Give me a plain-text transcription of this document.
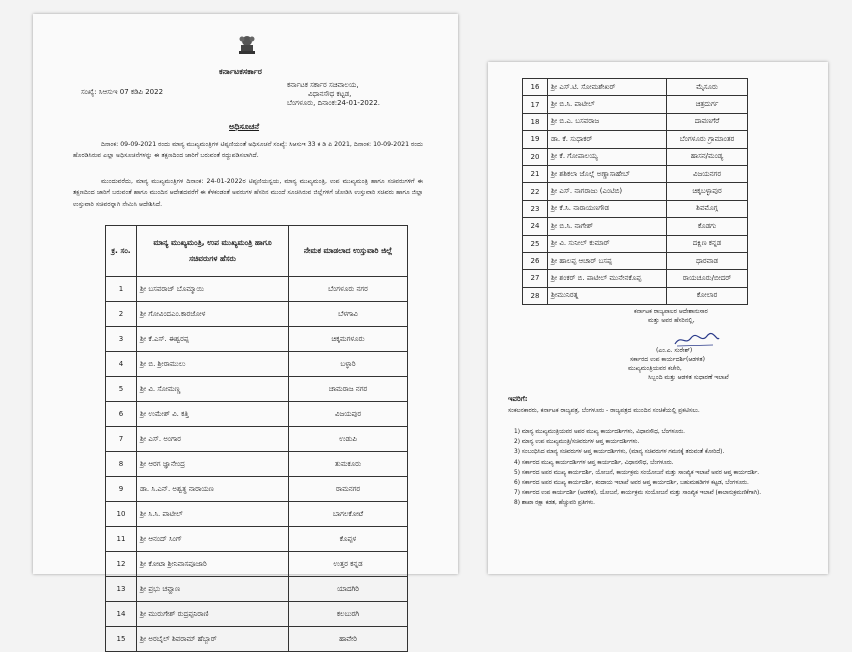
ಕರ್ನಾಟಕಸರ್ಕಾರ
ಸಂಖ್ಯೆ: ಸಿಆಸುಇ 07 ಕಡಿಪಿ 2022
ಕರ್ನಾಟಕ ಸರ್ಕಾರ ಸಚಿವಾಲಯ,
ವಿಧಾನಸೌಧ ಕಟ್ಟಡ,
ಬೆಂಗಳೂರು, ದಿನಾಂಕ:24-01-2022.
ಅಧಿಸೂಚನೆ
ದಿನಾಂಕ: 09-09-2021 ರಂದು ಮಾನ್ಯ ಮುಖ್ಯಮಂತ್ರಿಗಳ ಟಿಪ್ಪಣಿಯಂತೆ ಅಧಿಸೂಚನೆ ಸಂಖ್ಯೆ: ಸಿಆಸುಇ 33 ಕ ಡಿ ಪಿ 2021, ದಿನಾಂಕ: 10-09-2021 ರಂದು ಹೊರಡಿಸಿರುವ ಎಲ್ಲಾ ಅಧಿಸೂಚನೆಗಳನ್ನು ಈ ತಕ್ಷಣದಿಂದ ಜಾರಿಗೆ ಬರುವಂತೆ ರದ್ದುಪಡಿಸಲಾಗಿದೆ.
ಮುಂದುವರೆದು, ಮಾನ್ಯ ಮುಖ್ಯಮಂತ್ರಿಗಳ ದಿನಾಂಕ: 24-01-2022ರ ಟಿಪ್ಪಣಿಯನ್ವಯ, ಮಾನ್ಯ ಮುಖ್ಯಮಂತ್ರಿ, ಉಪ ಮುಖ್ಯಮಂತ್ರಿ ಹಾಗೂ ಸಚಿವರುಗಳಿಗೆ ಈ ತಕ್ಷಣದಿಂದ ಜಾರಿಗೆ ಬರುವಂತೆ ಹಾಗೂ ಮುಂದಿನ ಆದೇಶದವರೆಗೆ ಈ ಕೆಳಕಂಡಂತೆ ಅವರುಗಳ ಹೆಸರಿನ ಮುಂದೆ ಸೂಚಿಸಿರುವ ಜಿಲ್ಲೆಗಳಿಗೆ ಜೋಡಿಸಿ ಉಸ್ತುವಾರಿ ಸಚಿವರು ಹಾಗೂ ಜಿಲ್ಲಾ ಉಸ್ತುವಾರಿ ಸಚಿವರನ್ನಾಗಿ ನೇಮಿಸಿ ಆದೇಶಿಸಿದೆ.
ಕ್ರ. ಸಂ.	ಮಾನ್ಯ ಮುಖ್ಯಮಂತ್ರಿ, ಉಪ ಮುಖ್ಯಮಂತ್ರಿ ಹಾಗೂ ಸಚಿವರುಗಳ ಹೆಸರು	ನೇಮಕ ಮಾಡಲಾದ ಉಸ್ತುವಾರಿ ಜಿಲ್ಲೆ
1	ಶ್ರೀ ಬಸವರಾಜ್ ಬೊಮ್ಮಾಯಿ	ಬೆಂಗಳೂರು ನಗರ
2	ಶ್ರೀ ಗೋವಿಂದಎಂ.ಕಾರಜೋಳ	ಬೆಳಗಾವಿ
3	ಶ್ರೀ ಕೆ.ಎಸ್. ಈಶ್ವರಪ್ಪ	ಚಿಕ್ಕಮಗಳೂರು
4	ಶ್ರೀ ಬಿ. ಶ್ರೀರಾಮುಲು	ಬಳ್ಳಾರಿ
5	ಶ್ರೀ ವಿ. ಸೋಮಣ್ಣ	ಚಾಮರಾಜ ನಗರ
6	ಶ್ರೀ ಉಮೇಶ್ ವಿ. ಕತ್ತಿ	ವಿಜಯಪುರ
7	ಶ್ರೀ ಎಸ್. ಅಂಗಾರ	ಉಡುಪಿ
8	ಶ್ರೀ ಆರಗ ಜ್ಞಾನೇಂದ್ರ	ತುಮಕೂರು
9	ಡಾ. ಸಿ.ಎನ್. ಅಶ್ವತ್ಥ ನಾರಾಯಣ	ರಾಮನಗರ
10	ಶ್ರೀ ಸಿ.ಸಿ. ಪಾಟೀಲ್	ಬಾಗಲಕೋಟೆ
11	ಶ್ರೀ ಆನಂದ್ ಸಿಂಗ್	ಕೊಪ್ಪಳ
12	ಶ್ರೀ ಕೋಟಾ ಶ್ರೀನಿವಾಸಪೂಜಾರಿ	ಉತ್ತರ ಕನ್ನಡ
13	ಶ್ರೀ ಪ್ರಭು ಚವ್ಹಾಣ	ಯಾದಗಿರಿ
14	ಶ್ರೀ ಮುರುಗೇಶ್ ರುದ್ರಪ್ಪನಿರಾಣಿ	ಕಲಬುರಗಿ
15	ಶ್ರೀ ಅರಬೈಲ್ ಶಿವರಾಮ್ ಹೆಬ್ಬಾರ್	ಹಾವೇರಿ
16	ಶ್ರೀ ಎಸ್.ಟಿ. ಸೋಮಶೇಖರ್	ಮೈಸೂರು
17	ಶ್ರೀ ಬಿ.ಸಿ. ಪಾಟೀಲ್	ಚಿತ್ರದುರ್ಗ
18	ಶ್ರೀ ಬಿ.ಎ. ಬಸವರಾಜ	ದಾವಣಗೆರೆ
19	ಡಾ. ಕೆ. ಸುಧಾಕರ್	ಬೆಂಗಳೂರು ಗ್ರಾಮಾಂತರ
20	ಶ್ರೀ ಕೆ. ಗೋಪಾಲಯ್ಯ	ಹಾಸನ/ಮಂಡ್ಯ
21	ಶ್ರೀ ಶಶಿಕಲಾ ಜೊಲ್ಲೆ ಅಣ್ಣಾಸಾಹೇಬ್	ವಿಜಯನಗರ
22	ಶ್ರೀ ಎಸ್. ನಾಗರಾಜು (ಎಂಟಿಬಿ)	ಚಿಕ್ಕಬಳ್ಳಾಪುರ
23	ಶ್ರೀ ಕೆ.ಸಿ. ನಾರಾಯಣಗೌಡ	ಶಿವಮೊಗ್ಗ
24	ಶ್ರೀ ಬಿ.ಸಿ. ನಾಗೇಶ್	ಕೊಡಗು
25	ಶ್ರೀ ವಿ. ಸುನೀಲ್ ಕುಮಾರ್	ದಕ್ಷಿಣ ಕನ್ನಡ
26	ಶ್ರೀ ಹಾಲಪ್ಪ ಆಚಾರ್ ಬಸಪ್ಪ	ಧಾರವಾಡ
27	ಶ್ರೀ ಶಂಕರ್ ಬಿ. ಪಾಟೀಲ್ ಮುನೇನಕೊಪ್ಪ	ರಾಯಚೂರು/ಬೀದರ್
28	ಶ್ರೀಮುನಿರತ್ನ	ಕೋಲಾರ
ಕರ್ನಾಟಕ ರಾಜ್ಯಪಾಲರ ಆದೇಶಾನುಸಾರ
ಮತ್ತು ಅವರ ಹೆಸರಿನಲ್ಲಿ,
(ಎಂ.ಎ. ಸುರೇಶ್)
ಸರ್ಕಾರದ ಉಪ ಕಾರ್ಯದರ್ಶಿ(ಆಡಳಿತ)
ಮುಖ್ಯಮಂತ್ರಿಯವರ ಕಚೇರಿ,
ಸಿಬ್ಬಂದಿ ಮತ್ತು ಆಡಳಿತ ಸುಧಾರಣೆ ಇಲಾಖೆ
ಇವರಿಗೆ:
ಸಂಕಲನಕಾರರು, ಕರ್ನಾಟಕ ರಾಜ್ಯಪತ್ರ, ಬೆಂಗಳೂರು - ರಾಜ್ಯಪತ್ರದ ಮುಂದಿನ ಸಂಚಿಕೆಯಲ್ಲಿ ಪ್ರಕಟಿಸಲು.
1) ಮಾನ್ಯ ಮುಖ್ಯಮಂತ್ರಿಯವರ ಅಪರ ಮುಖ್ಯ ಕಾರ್ಯದರ್ಶಿಗಳು, ವಿಧಾನಸೌಧ, ಬೆಂಗಳೂರು.
2) ಮಾನ್ಯ ಉಪ ಮುಖ್ಯಮಂತ್ರಿ/ಸಚಿವರುಗಳ ಆಪ್ತ ಕಾರ್ಯದರ್ಶಿಗಳು.
3) ಸಂಬಂಧಿಸಿದ ಮಾನ್ಯ ಸಚಿವರುಗಳ ಆಪ್ತ ಕಾರ್ಯದರ್ಶಿಗಳು, (ಮಾನ್ಯ ಸಚಿವರುಗಳ ಗಮನಕ್ಕೆ ತರುವಂತೆ ಕೋರಿದೆ).
4) ಸರ್ಕಾರದ ಮುಖ್ಯ ಕಾರ್ಯದರ್ಶಿಗಳ ಆಪ್ತ ಕಾರ್ಯದರ್ಶಿ, ವಿಧಾನಸೌಧ, ಬೆಂಗಳೂರು.
5) ಸರ್ಕಾರದ ಅಪರ ಮುಖ್ಯ ಕಾರ್ಯದರ್ಶಿ, ಯೋಜನೆ, ಕಾರ್ಯಕ್ರಮ ಸಂಯೋಜನೆ ಮತ್ತು ಸಾಂಖ್ಯಿಕ ಇಲಾಖೆ ಅವರ ಆಪ್ತ ಕಾರ್ಯದರ್ಶಿ.
6) ಸರ್ಕಾರದ ಅಪರ ಮುಖ್ಯ ಕಾರ್ಯದರ್ಶಿ, ಕಂದಾಯ ಇಲಾಖೆ ಅವರ ಆಪ್ತ ಕಾರ್ಯದರ್ಶಿ, ಬಹುಮಹಡಿಗಳ ಕಟ್ಟಡ, ಬೆಂಗಳೂರು.
7) ಸರ್ಕಾರದ ಉಪ ಕಾರ್ಯದರ್ಶಿ (ಆಡಳಿತ), ಯೋಜನೆ, ಕಾರ್ಯಕ್ರಮ ಸಂಯೋಜನೆ ಮತ್ತು ಸಾಂಖ್ಯಿಕ ಇಲಾಖೆ (ಕಾಲಾನುಕ್ರಮಣಿಕೆಗಾಗಿ).
8) ಶಾಖಾ ರಕ್ಷಾ ಕಡತ, ಹೆಚ್ಚುವರಿ ಪ್ರತಿಗಳು.
